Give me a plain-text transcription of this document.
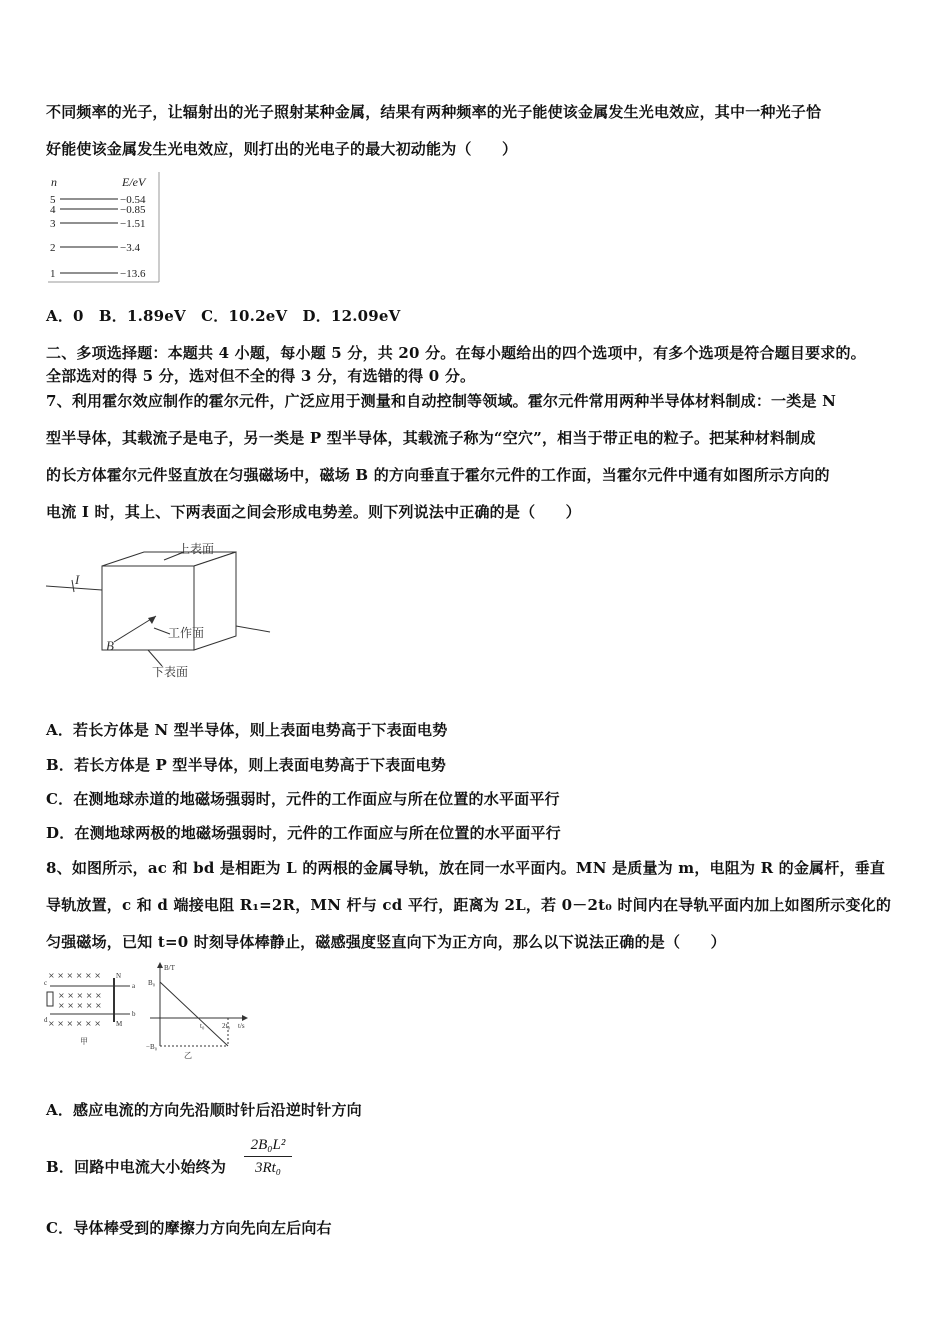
不同频率的光子，让辐射出的光子照射某种金属，结果有两种频率的光子能使该金属发生光电效应，其中一种光子恰
好能使该金属发生光电效应，则打出的光电子的最大初动能为（　　）
n	E/eV
5	−0.54
4	−0.85
3	−1.51
2	−3.4
1	−13.6
A．0　B．1.89eV　C．10.2eV　D．12.09eV
二、多项选择题：本题共 4 小题，每小题 5 分，共 20 分。在每小题给出的四个选项中，有多个选项是符合题目要求的。
全部选对的得 5 分，选对但不全的得 3 分，有选错的得 0 分。
7、利用霍尔效应制作的霍尔元件，广泛应用于测量和自动控制等领域。霍尔元件常用两种半导体材料制成：一类是 N
型半导体，其载流子是电子，另一类是 P 型半导体，其载流子称为“空穴”，相当于带正电的粒子。把某种材料制成
的长方体霍尔元件竖直放在匀强磁场中，磁场 B 的方向垂直于霍尔元件的工作面，当霍尔元件中通有如图所示方向的
电流 I 时，其上、下两表面之间会形成电势差。则下列说法中正确的是（　　）
I
上表面
B
工作面
下表面
A．若长方体是 N 型半导体，则上表面电势高于下表面电势
B．若长方体是 P 型半导体，则上表面电势高于下表面电势
C．在测地球赤道的地磁场强弱时，元件的工作面应与所在位置的水平面平行
D．在测地球两极的地磁场强弱时，元件的工作面应与所在位置的水平面平行
8、如图所示，ac 和 bd 是相距为 L 的两根的金属导轨，放在同一水平面内。MN 是质量为 m，电阻为 R 的金属杆，垂直
导轨放置，c 和 d 端接电阻 R₁=2R，MN 杆与 cd 平行，距离为 2L，若 0－2t₀ 时间内在导轨平面内加上如图所示变化的
匀强磁场，已知 t=0 时刻导体棒静止，磁感强度竖直向下为正方向，那么以下说法正确的是（　　）
× × × × × ×
× × × × ×
× × × × ×
× × × × × ×
N
M
a
b
c
d
甲
B/T
t/s
B₀
−B₀
t₀	2t₀
乙
A．感应电流的方向先沿顺时针后沿逆时针方向
B．回路中电流大小始终为
2B₀L²
3Rt₀
C．导体棒受到的摩擦力方向先向左后向右
